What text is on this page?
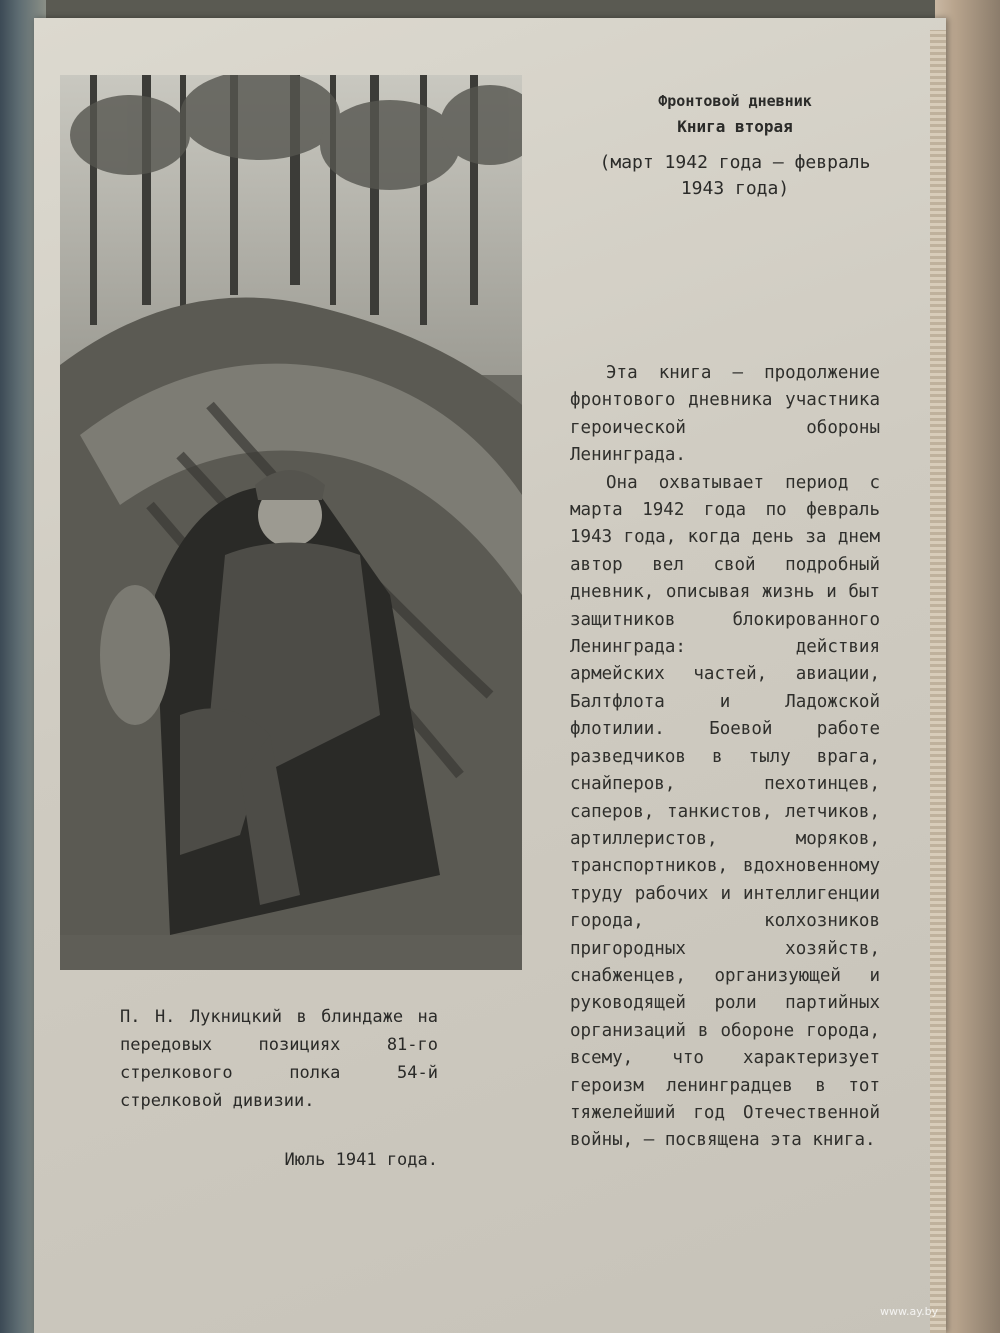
П. Н. Лукницкий в блиндаже на передовых позициях 81-го стрелкового полка 54-й стрелковой дивизии.
Июль 1941 года.
Фронтовой дневник
Книга вторая
(март 1942 года — февраль 1943 года)

Эта книга — продолжение фронтового дневника участника героической обороны Ленинграда.

Она охватывает период с марта 1942 года по февраль 1943 года, когда день за днем автор вел свой подробный дневник, описывая жизнь и быт защитников блокированного Ленинграда: действия армейских частей, авиации, Балтфлота и Ладожской флотилии. Боевой работе разведчиков в тылу врага, снайперов, пехотинцев, саперов, танкистов, летчиков, артиллеристов, моряков, транспортников, вдохновенному труду рабочих и интеллигенции города, колхозников пригородных хозяйств, снабженцев, организующей и руководящей роли партийных организаций в обороне города, всему, что характеризует героизм ленинградцев в тот тяжелейший год Отечественной войны, — посвящена эта книга.

www.ay.by
